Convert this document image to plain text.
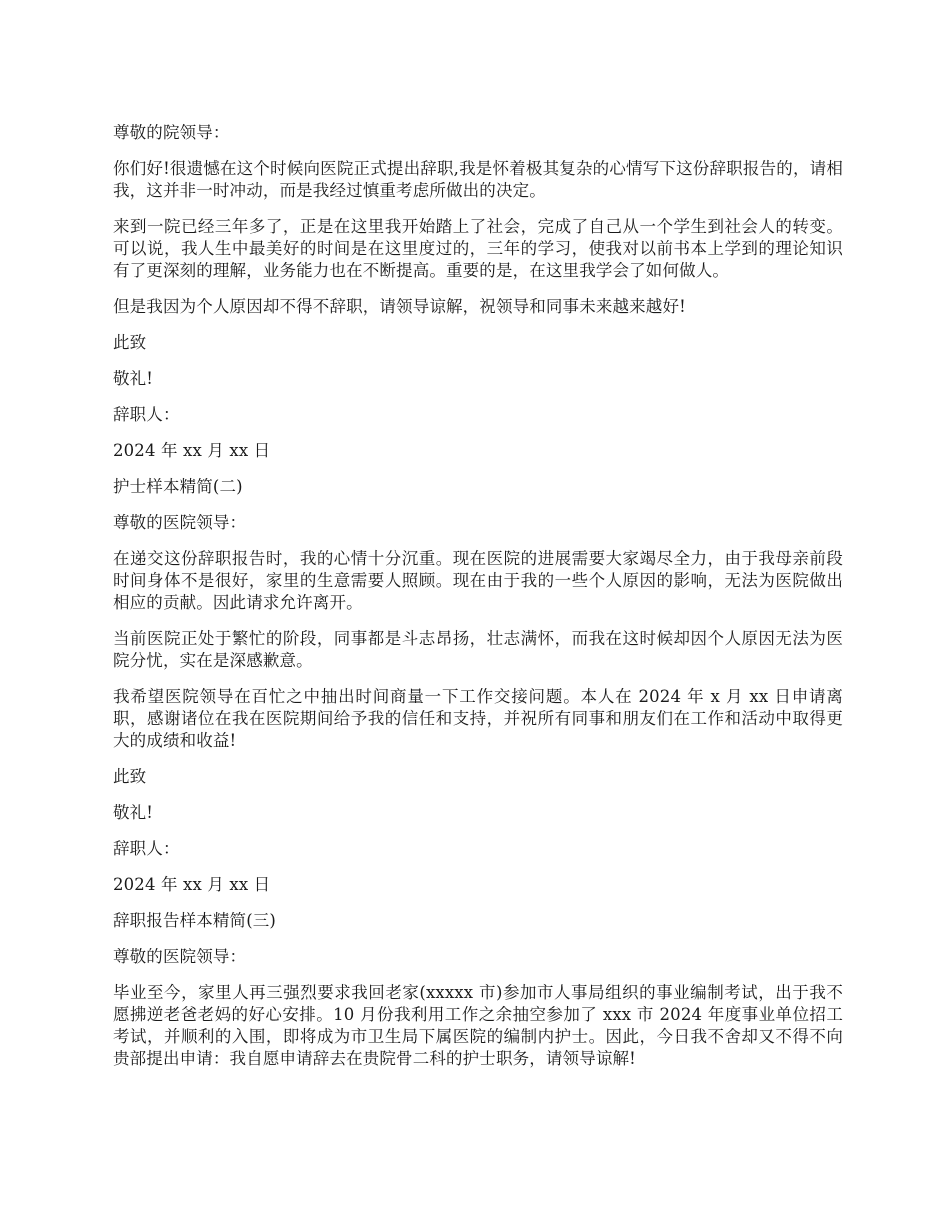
尊敬的院领导：

你们好!很遗憾在这个时候向医院正式提出辞职,我是怀着极其复杂的心情写下这份辞职报告的，请相我，这并非一时冲动，而是我经过慎重考虑所做出的决定。

来到一院已经三年多了，正是在这里我开始踏上了社会，完成了自己从一个学生到社会人的转变。可以说，我人生中最美好的时间是在这里度过的，三年的学习，使我对以前书本上学到的理论知识有了更深刻的理解，业务能力也在不断提高。重要的是，在这里我学会了如何做人。

但是我因为个人原因却不得不辞职，请领导谅解，祝领导和同事未来越来越好!

此致

敬礼!

辞职人：

2024 年 xx 月 xx 日

护士样本精简(二)

尊敬的医院领导：

在递交这份辞职报告时，我的心情十分沉重。现在医院的进展需要大家竭尽全力，由于我母亲前段时间身体不是很好，家里的生意需要人照顾。现在由于我的一些个人原因的影响，无法为医院做出相应的贡献。因此请求允许离开。

当前医院正处于繁忙的阶段，同事都是斗志昂扬，壮志满怀，而我在这时候却因个人原因无法为医院分忧，实在是深感歉意。

我希望医院领导在百忙之中抽出时间商量一下工作交接问题。本人在 2024 年 x 月 xx 日申请离职，感谢诸位在我在医院期间给予我的信任和支持，并祝所有同事和朋友们在工作和活动中取得更大的成绩和收益!

此致

敬礼!

辞职人：

2024 年 xx 月 xx 日

辞职报告样本精简(三)

尊敬的医院领导：

毕业至今，家里人再三强烈要求我回老家(xxxxx 市)参加市人事局组织的事业编制考试，出于我不愿拂逆老爸老妈的好心安排。10 月份我利用工作之余抽空参加了 xxx 市 2024 年度事业单位招工考试，并顺利的入围，即将成为市卫生局下属医院的编制内护士。因此，今日我不舍却又不得不向贵部提出申请：我自愿申请辞去在贵院骨二科的护士职务，请领导谅解!
